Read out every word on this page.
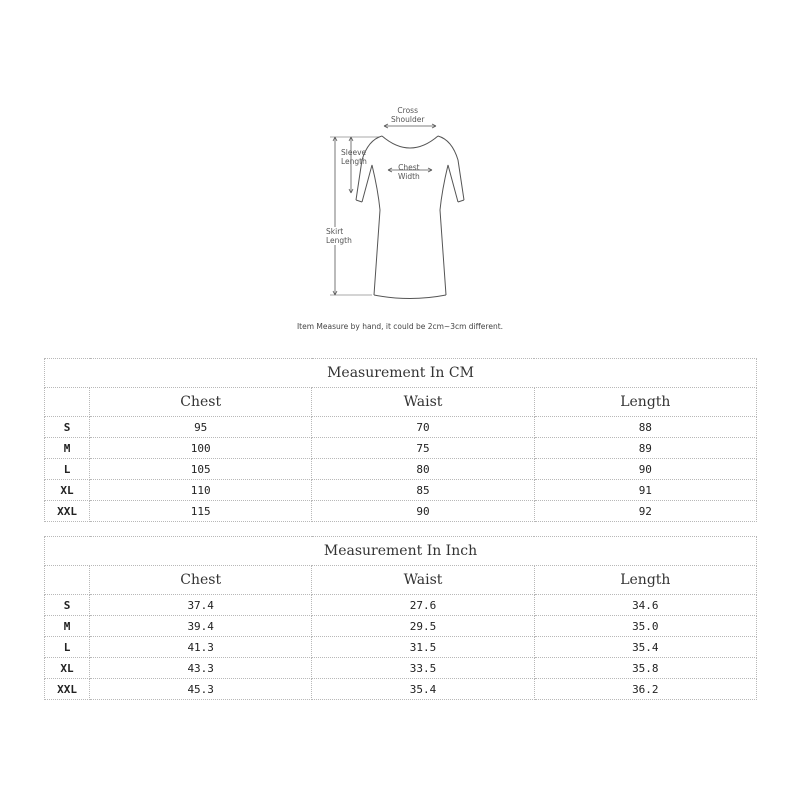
Cross
Shoulder
Sleeve
Length
Chest
Width
Skirt
Length
Item Measure by hand, it could be 2cm~3cm different.
Measurement In CM			
	Chest	Waist	Length
S	95	70	88
M	100	75	89
L	105	80	90
XL	110	85	91
XXL	115	90	92
Measurement In Inch			
	Chest	Waist	Length
S	37.4	27.6	34.6
M	39.4	29.5	35.0
L	41.3	31.5	35.4
XL	43.3	33.5	35.8
XXL	45.3	35.4	36.2
